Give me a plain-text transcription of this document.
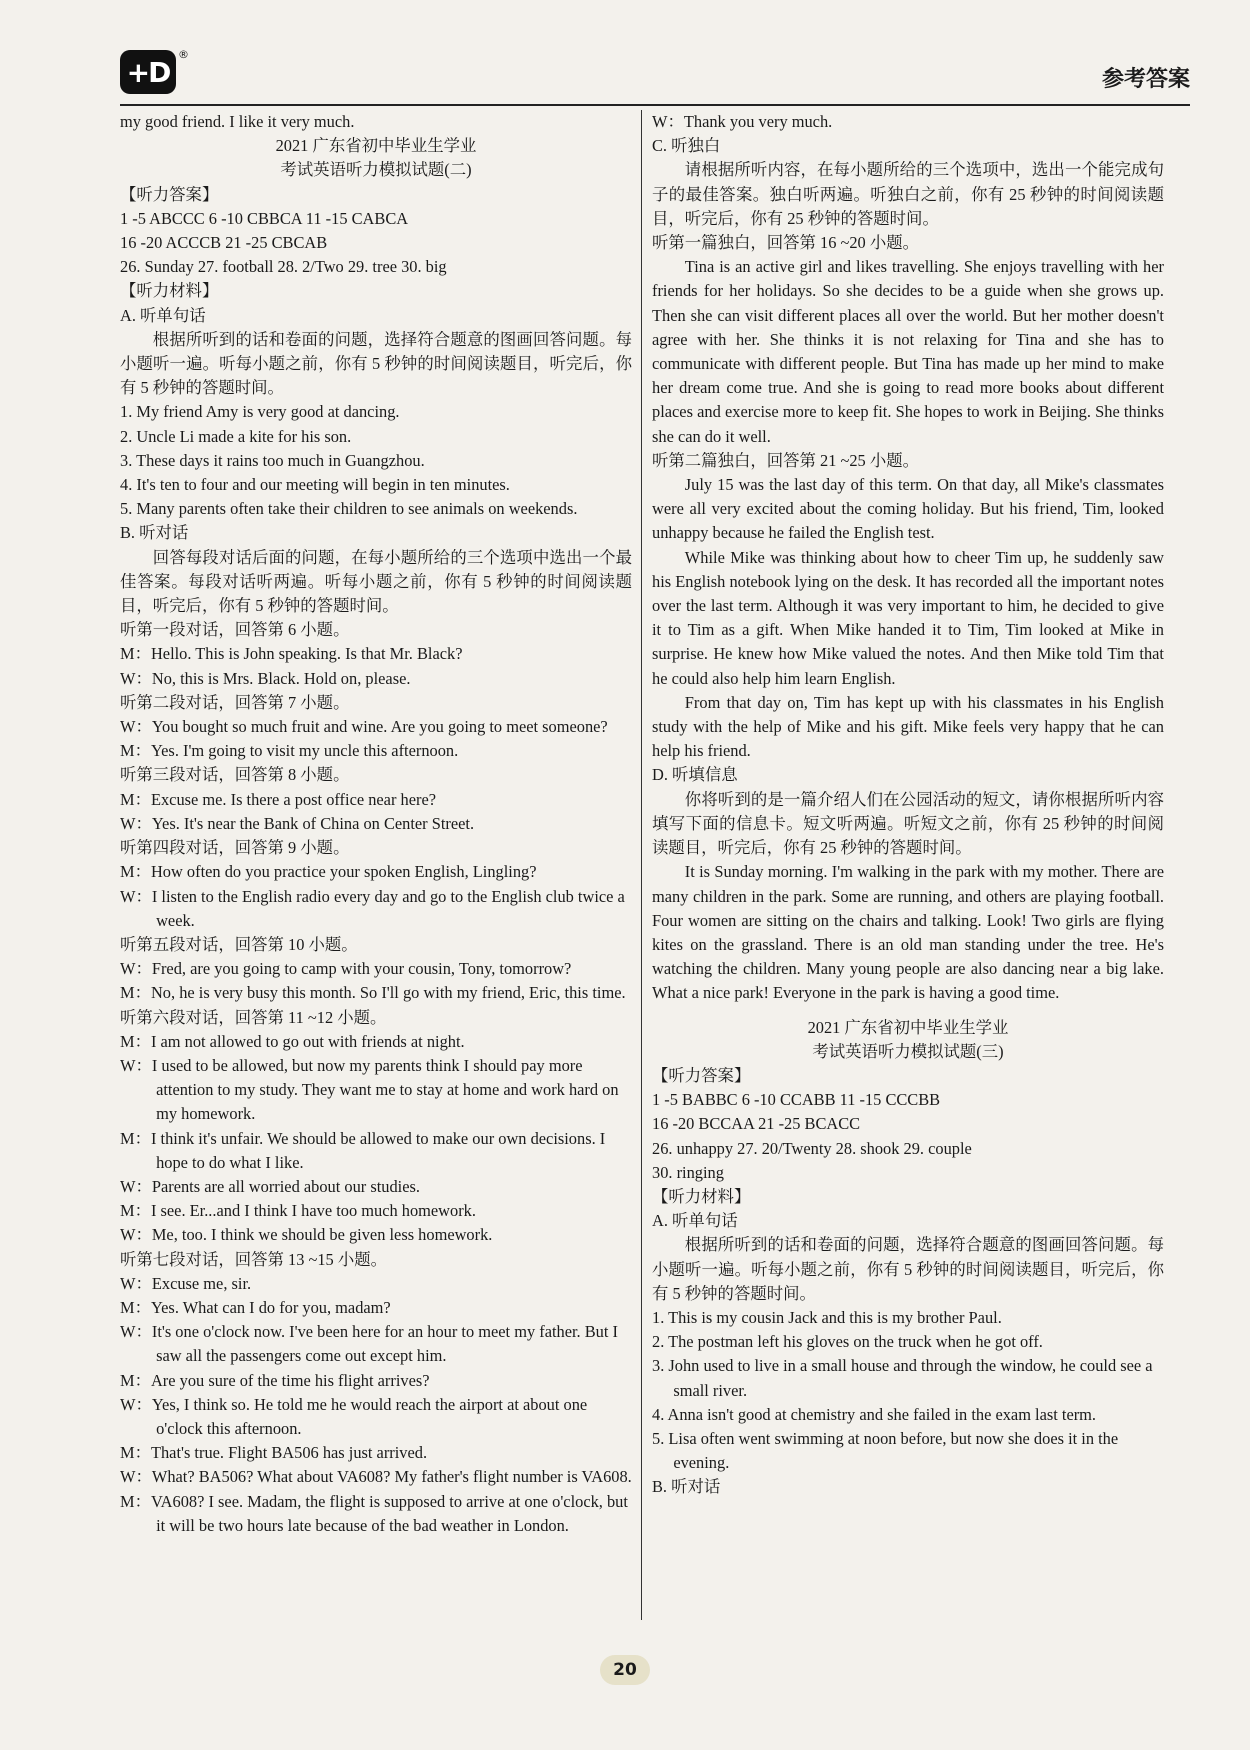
+D
®
参考答案

my good friend. I like it very much.

2021 广东省初中毕业生学业

考试英语听力模拟试题(二)

【听力答案】

1 -5 ABCCC 6 -10 CBBCA 11 -15 CABCA

16 -20 ACCCB 21 -25 CBCAB

26. Sunday 27. football 28. 2/Two 29. tree 30. big

【听力材料】

A. 听单句话

根据所听到的话和卷面的问题，选择符合题意的图画回答问题。每小题听一遍。听每小题之前，你有 5 秒钟的时间阅读题目，听完后，你有 5 秒钟的答题时间。

1. My friend Amy is very good at dancing.

2. Uncle Li made a kite for his son.

3. These days it rains too much in Guangzhou.

4. It's ten to four and our meeting will begin in ten minutes.

5. Many parents often take their children to see animals on weekends.

B. 听对话

回答每段对话后面的问题，在每小题所给的三个选项中选出一个最佳答案。每段对话听两遍。听每小题之前，你有 5 秒钟的时间阅读题目，听完后，你有 5 秒钟的答题时间。

听第一段对话，回答第 6 小题。

M：Hello. This is John speaking. Is that Mr. Black?

W：No, this is Mrs. Black. Hold on, please.

听第二段对话，回答第 7 小题。

W：You bought so much fruit and wine. Are you going to meet someone?

M：Yes. I'm going to visit my uncle this afternoon.

听第三段对话，回答第 8 小题。

M：Excuse me. Is there a post office near here?

W：Yes. It's near the Bank of China on Center Street.

听第四段对话，回答第 9 小题。

M：How often do you practice your spoken English, Lingling?

W：I listen to the English radio every day and go to the English club twice a week.

听第五段对话，回答第 10 小题。

W：Fred, are you going to camp with your cousin, Tony, tomorrow?

M：No, he is very busy this month. So I'll go with my friend, Eric, this time.

听第六段对话，回答第 11 ~12 小题。

M：I am not allowed to go out with friends at night.

W：I used to be allowed, but now my parents think I should pay more attention to my study. They want me to stay at home and work hard on my homework.

M：I think it's unfair. We should be allowed to make our own decisions. I hope to do what I like.

W：Parents are all worried about our studies.

M：I see. Er...and I think I have too much homework.

W：Me, too. I think we should be given less homework.

听第七段对话，回答第 13 ~15 小题。

W：Excuse me, sir.

M：Yes. What can I do for you, madam?

W：It's one o'clock now. I've been here for an hour to meet my father. But I saw all the passengers come out except him.

M：Are you sure of the time his flight arrives?

W：Yes, I think so. He told me he would reach the airport at about one o'clock this afternoon.

M：That's true. Flight BA506 has just arrived.

W：What? BA506? What about VA608? My father's flight number is VA608.

M：VA608? I see. Madam, the flight is supposed to arrive at one o'clock, but it will be two hours late because of the bad weather in London.

W：Thank you very much.

C. 听独白

请根据所听内容，在每小题所给的三个选项中，选出一个能完成句子的最佳答案。独白听两遍。听独白之前，你有 25 秒钟的时间阅读题目，听完后，你有 25 秒钟的答题时间。

听第一篇独白，回答第 16 ~20 小题。

Tina is an active girl and likes travelling. She enjoys travelling with her friends for her holidays. So she decides to be a guide when she grows up. Then she can visit different places all over the world. But her mother doesn't agree with her. She thinks it is not relaxing for Tina and she has to communicate with different people. But Tina has made up her mind to make her dream come true. And she is going to read more books about different places and exercise more to keep fit. She hopes to work in Beijing. She thinks she can do it well.

听第二篇独白，回答第 21 ~25 小题。

July 15 was the last day of this term. On that day, all Mike's classmates were all very excited about the coming holiday. But his friend, Tim, looked unhappy because he failed the English test.

While Mike was thinking about how to cheer Tim up, he suddenly saw his English notebook lying on the desk. It has recorded all the important notes over the last term. Although it was very important to him, he decided to give it to Tim as a gift. When Mike handed it to Tim, Tim looked at Mike in surprise. He knew how Mike valued the notes. And then Mike told Tim that he could also help him learn English.

From that day on, Tim has kept up with his classmates in his English study with the help of Mike and his gift. Mike feels very happy that he can help his friend.

D. 听填信息

你将听到的是一篇介绍人们在公园活动的短文，请你根据所听内容填写下面的信息卡。短文听两遍。听短文之前，你有 25 秒钟的时间阅读题目，听完后，你有 25 秒钟的答题时间。

It is Sunday morning. I'm walking in the park with my mother. There are many children in the park. Some are running, and others are playing football. Four women are sitting on the chairs and talking. Look! Two girls are flying kites on the grassland. There is an old man standing under the tree. He's watching the children. Many young people are also dancing near a big lake. What a nice park! Everyone in the park is having a good time.

2021 广东省初中毕业生学业

考试英语听力模拟试题(三)

【听力答案】

1 -5 BABBC 6 -10 CCABB 11 -15 CCCBB

16 -20 BCCAA 21 -25 BCACC

26. unhappy 27. 20/Twenty 28. shook 29. couple

30. ringing

【听力材料】

A. 听单句话

根据所听到的话和卷面的问题，选择符合题意的图画回答问题。每小题听一遍。听每小题之前，你有 5 秒钟的时间阅读题目，听完后，你有 5 秒钟的答题时间。

1. This is my cousin Jack and this is my brother Paul.

2. The postman left his gloves on the truck when he got off.

3. John used to live in a small house and through the window, he could see a small river.

4. Anna isn't good at chemistry and she failed in the exam last term.

5. Lisa often went swimming at noon before, but now she does it in the evening.

B. 听对话

20
